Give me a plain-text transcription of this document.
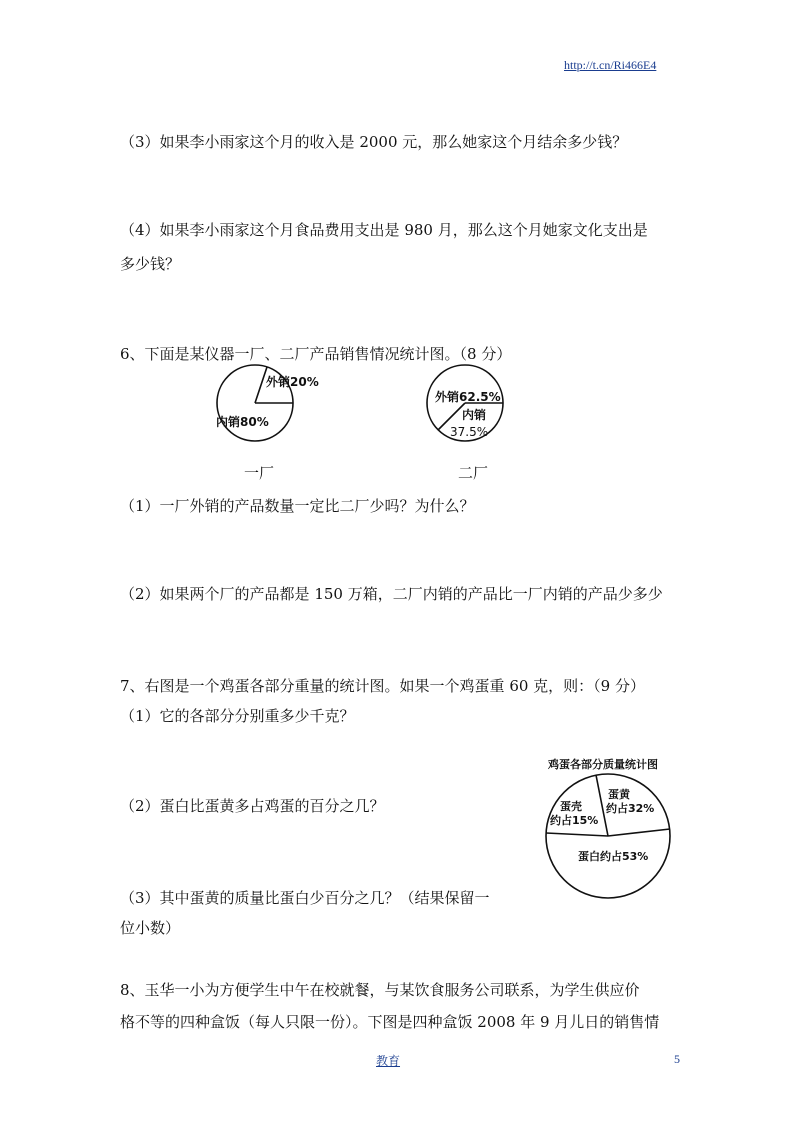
http://t.cn/Ri466E4
（3）如果李小雨家这个月的收入是 2000 元，那么她家这个月结余多少钱？
（4）如果李小雨家这个月食品费用支出是 980 月，那么这个月她家文化支出是
多少钱？
6、下面是某仪器一厂、二厂产品销售情况统计图。（8 分）
外销20%
内销80%
一厂
外销62.5%
内销
37.5%
二厂
（1）一厂外销的产品数量一定比二厂少吗？为什么？
（2）如果两个厂的产品都是 150 万箱，二厂内销的产品比一厂内销的产品少多少
7、右图是一个鸡蛋各部分重量的统计图。如果一个鸡蛋重 60 克，则：（9 分）
（1）它的各部分分别重多少千克？
（2）蛋白比蛋黄多占鸡蛋的百分之几？
鸡蛋各部分质量统计图
蛋黄
约占32%
蛋壳
约占15%
蛋白约占53%
（3）其中蛋黄的质量比蛋白少百分之几？（结果保留一
位小数）
8、玉华一小为方便学生中午在校就餐，与某饮食服务公司联系，为学生供应价
格不等的四种盒饭（每人只限一份）。下图是四种盒饭 2008 年 9 月儿日的销售情
教育	5
